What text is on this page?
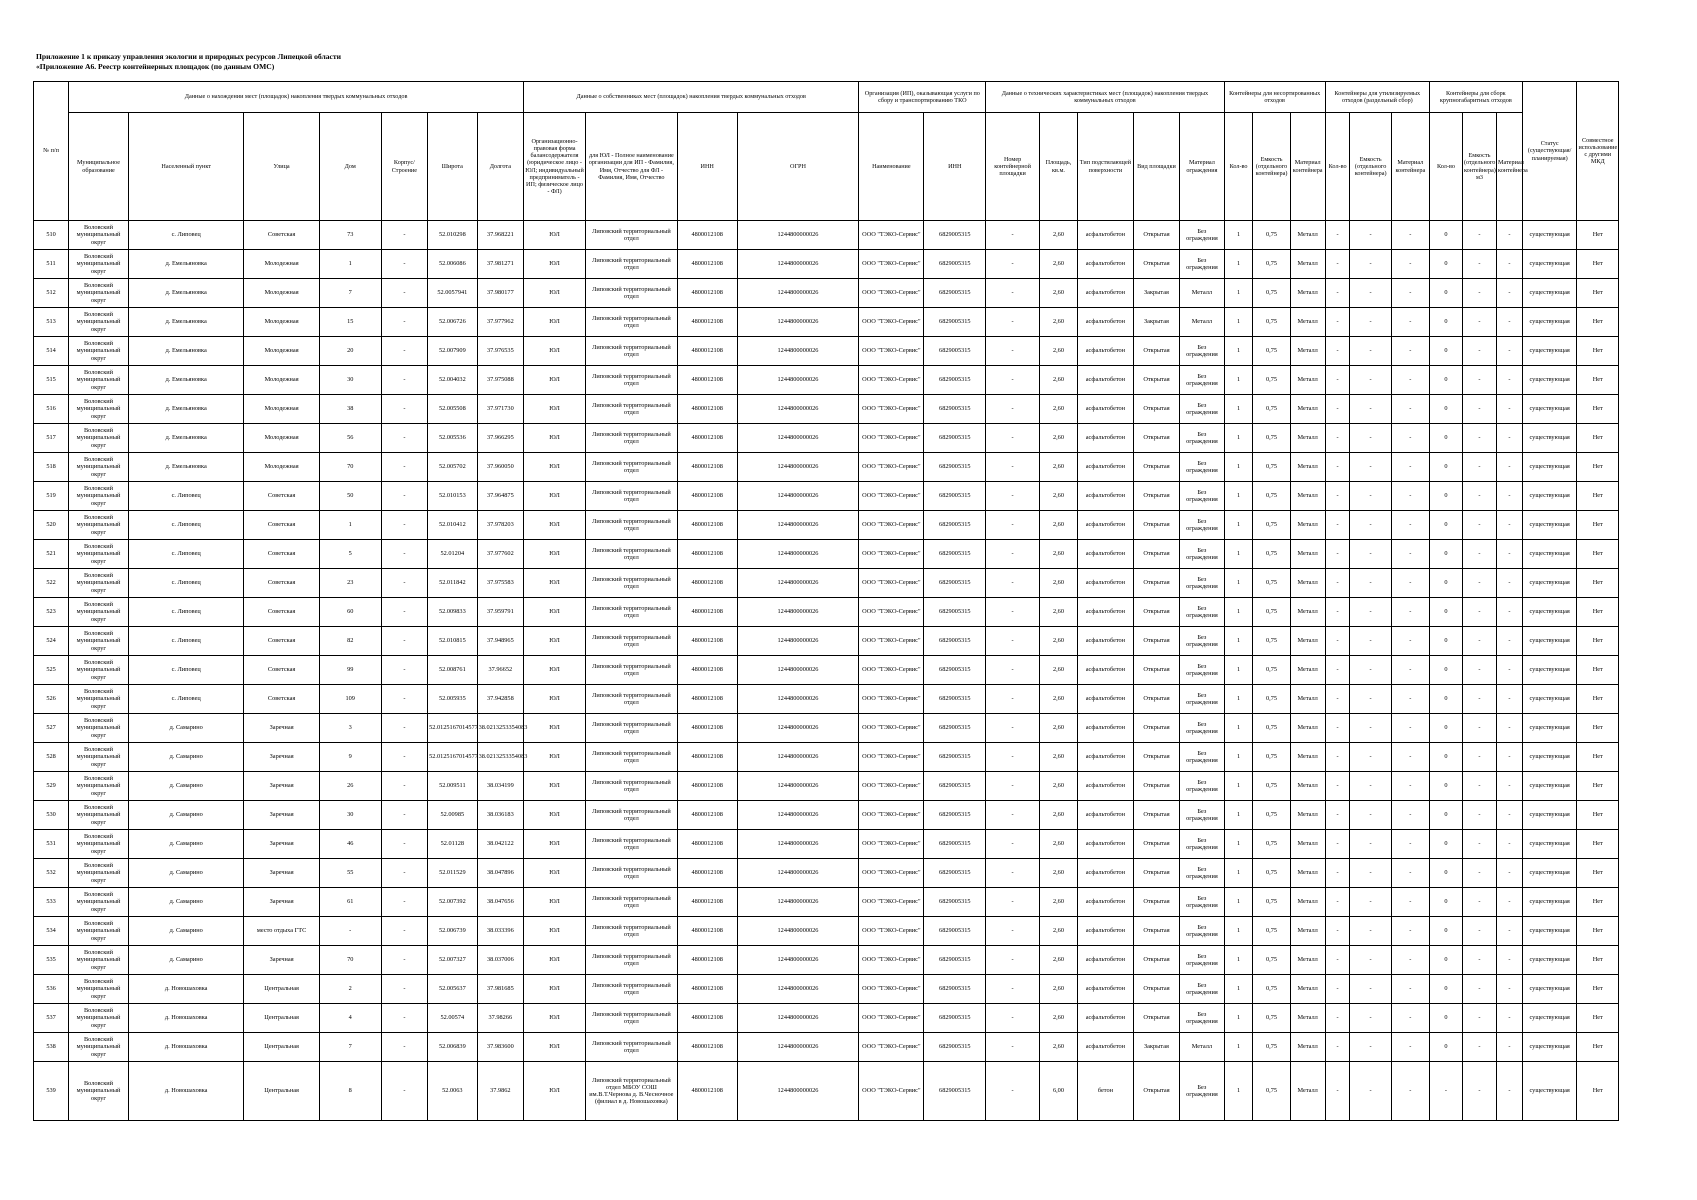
Приложение 1 к приказу управления экологии и природных ресурсов Липецкой области
«Приложение А6. Реестр контейнерных площадок (по данным ОМС)
№ п/п	Данные о нахождении мест (площадок) накопления твердых коммунальных отходов							Данные о собственниках мест (площадок) накопления твердых коммунальных отходов				Организация (ИП), оказывающая услуги по сбору и транспортированию ТКО		Данные о технических характеристиках мест (площадок) накопления твердых коммунальных отходов					Контейнеры для несортированных отходов			Контейнеры для утилизируемых отходов (раздельный сбор)			Контейнеры для сборк крупногабаритных отходов			Статус (существующая/планируемая)	Совместное использование с другими МКД
	Муниципальное образование	Населенный пункт	Улица	Дом	Корпус/Строение	Широта	Долгота	Организационно-правовая форма балансодержателя (юридическое лицо - ЮЛ; индивидуальный предприниматель - ИП; физическое лицо - ФЛ)	для ЮЛ - Полное наименование организации для ИП - Фамилия, Имя, Отчество для ФЛ - Фамилия, Имя, Отчество	ИНН	ОГРН	Наименование	ИНН	Номер контейнерной площадки	Площадь, кв.м.	Тип подстилающей поверхности	Вид площадки	Материал ограждения	Кол-во	Емкость (отдельного контейнера)	Материал контейнера	Кол-во	Емкость (отдельного контейнера)	Материал контейнера	Кол-во	Емкость (отдельного контейнера) м3	Материал контейнера		
510	Воловский муниципальный округ	с. Липовец	Советская	73	-	52.010298	37.968221	ЮЛ	Липовский территориальный отдел	4800012108	1244800000026	ООО "ТЭКО-Сервис"	6829005315	-	2,60	асфальтобетон	Открытая	Без ограждения	1	0,75	Металл	-	-	-	0	-	-	существующая	Нет
511	Воловский муниципальный округ	д. Емельяновка	Молодежная	1	-	52.006086	37.981271	ЮЛ	Липовский территориальный отдел	4800012108	1244800000026	ООО "ТЭКО-Сервис"	6829005315	-	2,60	асфальтобетон	Открытая	Без ограждения	1	0,75	Металл	-	-	-	0	-	-	существующая	Нет
512	Воловский муниципальный округ	д. Емельяновка	Молодежная	7	-	52.0057941	37.980177	ЮЛ	Липовский территориальный отдел	4800012108	1244800000026	ООО "ТЭКО-Сервис"	6829005315	-	2,60	асфальтобетон	Закрытая	Металл	1	0,75	Металл	-	-	-	0	-	-	существующая	Нет
513	Воловский муниципальный округ	д. Емельяновка	Молодежная	15	-	52.006726	37.977962	ЮЛ	Липовский территориальный отдел	4800012108	1244800000026	ООО "ТЭКО-Сервис"	6829005315	-	2,60	асфальтобетон	Закрытая	Металл	1	0,75	Металл	-	-	-	0	-	-	существующая	Нет
514	Воловский муниципальный округ	д. Емельяновка	Молодежная	20	-	52.007909	37.976535	ЮЛ	Липовский территориальный отдел	4800012108	1244800000026	ООО "ТЭКО-Сервис"	6829005315	-	2,60	асфальтобетон	Открытая	Без ограждения	1	0,75	Металл	-	-	-	0	-	-	существующая	Нет
515	Воловский муниципальный округ	д. Емельяновка	Молодежная	30	-	52.004032	37.975088	ЮЛ	Липовский территориальный отдел	4800012108	1244800000026	ООО "ТЭКО-Сервис"	6829005315	-	2,60	асфальтобетон	Открытая	Без ограждения	1	0,75	Металл	-	-	-	0	-	-	существующая	Нет
516	Воловский муниципальный округ	д. Емельяновка	Молодежная	38	-	52.005508	37.971730	ЮЛ	Липовский территориальный отдел	4800012108	1244800000026	ООО "ТЭКО-Сервис"	6829005315	-	2,60	асфальтобетон	Открытая	Без ограждения	1	0,75	Металл	-	-	-	0	-	-	существующая	Нет
517	Воловский муниципальный округ	д. Емельяновка	Молодежная	56	-	52.005536	37.966295	ЮЛ	Липовский территориальный отдел	4800012108	1244800000026	ООО "ТЭКО-Сервис"	6829005315	-	2,60	асфальтобетон	Открытая	Без ограждения	1	0,75	Металл	-	-	-	0	-	-	существующая	Нет
518	Воловский муниципальный округ	д. Емельяновка	Молодежная	70	-	52.005702	37.960050	ЮЛ	Липовский территориальный отдел	4800012108	1244800000026	ООО "ТЭКО-Сервис"	6829005315	-	2,60	асфальтобетон	Открытая	Без ограждения	1	0,75	Металл	-	-	-	0	-	-	существующая	Нет
519	Воловский муниципальный округ	с. Липовец	Советская	50	-	52.010153	37.964875	ЮЛ	Липовский территориальный отдел	4800012108	1244800000026	ООО "ТЭКО-Сервис"	6829005315	-	2,60	асфальтобетон	Открытая	Без ограждения	1	0,75	Металл	-	-	-	0	-	-	существующая	Нет
520	Воловский муниципальный округ	с. Липовец	Советская	1	-	52.010412	37.978203	ЮЛ	Липовский территориальный отдел	4800012108	1244800000026	ООО "ТЭКО-Сервис"	6829005315	-	2,60	асфальтобетон	Открытая	Без ограждения	1	0,75	Металл	-	-	-	0	-	-	существующая	Нет
521	Воловский муниципальный округ	с. Липовец	Советская	5	-	52.01204	37.977602	ЮЛ	Липовский территориальный отдел	4800012108	1244800000026	ООО "ТЭКО-Сервис"	6829005315	-	2,60	асфальтобетон	Открытая	Без ограждения	1	0,75	Металл	-	-	-	0	-	-	существующая	Нет
522	Воловский муниципальный округ	с. Липовец	Советская	23	-	52.011842	37.975583	ЮЛ	Липовский территориальный отдел	4800012108	1244800000026	ООО "ТЭКО-Сервис"	6829005315	-	2,60	асфальтобетон	Открытая	Без ограждения	1	0,75	Металл	-	-	-	0	-	-	существующая	Нет
523	Воловский муниципальный округ	с. Липовец	Советская	60	-	52.009833	37.959791	ЮЛ	Липовский территориальный отдел	4800012108	1244800000026	ООО "ТЭКО-Сервис"	6829005315	-	2,60	асфальтобетон	Открытая	Без ограждения	1	0,75	Металл	-	-	-	0	-	-	существующая	Нет
524	Воловский муниципальный округ	с. Липовец	Советская	82	-	52.010815	37.948965	ЮЛ	Липовский территориальный отдел	4800012108	1244800000026	ООО "ТЭКО-Сервис"	6829005315	-	2,60	асфальтобетон	Открытая	Без ограждения	1	0,75	Металл	-	-	-	0	-	-	существующая	Нет
525	Воловский муниципальный округ	с. Липовец	Советская	99	-	52.008761	37.96652	ЮЛ	Липовский территориальный отдел	4800012108	1244800000026	ООО "ТЭКО-Сервис"	6829005315	-	2,60	асфальтобетон	Открытая	Без ограждения	1	0,75	Металл	-	-	-	0	-	-	существующая	Нет
526	Воловский муниципальный округ	с. Липовец	Советская	109	-	52.005935	37.942858	ЮЛ	Липовский территориальный отдел	4800012108	1244800000026	ООО "ТЭКО-Сервис"	6829005315	-	2,60	асфальтобетон	Открытая	Без ограждения	1	0,75	Металл	-	-	-	0	-	-	существующая	Нет
527	Воловский муниципальный округ	д. Самарино	Заречная	3	-	52.0125167014577	38.0213253354083	ЮЛ	Липовский территориальный отдел	4800012108	1244800000026	ООО "ТЭКО-Сервис"	6829005315	-	2,60	асфальтобетон	Открытая	Без ограждения	1	0,75	Металл	-	-	-	0	-	-	существующая	Нет
528	Воловский муниципальный округ	д. Самарино	Заречная	9	-	52.0125167014577	38.0213253354083	ЮЛ	Липовский территориальный отдел	4800012108	1244800000026	ООО "ТЭКО-Сервис"	6829005315	-	2,60	асфальтобетон	Открытая	Без ограждения	1	0,75	Металл	-	-	-	0	-	-	существующая	Нет
529	Воловский муниципальный округ	д. Самарино	Заречная	26	-	52.009511	38.034199	ЮЛ	Липовский территориальный отдел	4800012108	1244800000026	ООО "ТЭКО-Сервис"	6829005315	-	2,60	асфальтобетон	Открытая	Без ограждения	1	0,75	Металл	-	-	-	0	-	-	существующая	Нет
530	Воловский муниципальный округ	д. Самарино	Заречная	30	-	52.00985	38.036183	ЮЛ	Липовский территориальный отдел	4800012108	1244800000026	ООО "ТЭКО-Сервис"	6829005315	-	2,60	асфальтобетон	Открытая	Без ограждения	1	0,75	Металл	-	-	-	0	-	-	существующая	Нет
531	Воловский муниципальный округ	д. Самарино	Заречная	46	-	52.01128	38.042122	ЮЛ	Липовский территориальный отдел	4800012108	1244800000026	ООО "ТЭКО-Сервис"	6829005315	-	2,60	асфальтобетон	Открытая	Без ограждения	1	0,75	Металл	-	-	-	0	-	-	существующая	Нет
532	Воловский муниципальный округ	д. Самарино	Заречная	55	-	52.011529	38.047896	ЮЛ	Липовский территориальный отдел	4800012108	1244800000026	ООО "ТЭКО-Сервис"	6829005315	-	2,60	асфальтобетон	Открытая	Без ограждения	1	0,75	Металл	-	-	-	0	-	-	существующая	Нет
533	Воловский муниципальный округ	д. Самарино	Заречная	61	-	52.007392	38.047656	ЮЛ	Липовский территориальный отдел	4800012108	1244800000026	ООО "ТЭКО-Сервис"	6829005315	-	2,60	асфальтобетон	Открытая	Без ограждения	1	0,75	Металл	-	-	-	0	-	-	существующая	Нет
534	Воловский муниципальный округ	д. Самарино	место отдыха ГТС	-	-	52.006739	38.033396	ЮЛ	Липовский территориальный отдел	4800012108	1244800000026	ООО "ТЭКО-Сервис"	6829005315	-	2,60	асфальтобетон	Открытая	Без ограждения	1	0,75	Металл	-	-	-	0	-	-	существующая	Нет
535	Воловский муниципальный округ	д. Самарино	Заречная	70	-	52.007327	38.037006	ЮЛ	Липовский территориальный отдел	4800012108	1244800000026	ООО "ТЭКО-Сервис"	6829005315	-	2,60	асфальтобетон	Открытая	Без ограждения	1	0,75	Металл	-	-	-	0	-	-	существующая	Нет
536	Воловский муниципальный округ	д. Новошаховка	Центральная	2	-	52.005637	37.981685	ЮЛ	Липовский территориальный отдел	4800012108	1244800000026	ООО "ТЭКО-Сервис"	6829005315	-	2,60	асфальтобетон	Открытая	Без ограждения	1	0,75	Металл	-	-	-	0	-	-	существующая	Нет
537	Воловский муниципальный округ	д. Новошаховка	Центральная	4	-	52.00574	37.98266	ЮЛ	Липовский территориальный отдел	4800012108	1244800000026	ООО "ТЭКО-Сервис"	6829005315	-	2,60	асфальтобетон	Открытая	Без ограждения	1	0,75	Металл	-	-	-	0	-	-	существующая	Нет
538	Воловский муниципальный округ	д. Новошаховка	Центральная	7	-	52.006839	37.983600	ЮЛ	Липовский территориальный отдел	4800012108	1244800000026	ООО "ТЭКО-Сервис"	6829005315	-	2,60	асфальтобетон	Закрытая	Металл	1	0,75	Металл	-	-	-	0	-	-	существующая	Нет
539	Воловский муниципальный округ	д. Новошаховка	Центральная	8	-	52.0063	37.9862	ЮЛ	Липовский территориальный отдел МБОУ СОШ им.В.Т.Чернова д. В.Чесночное (филиал в д. Новошаховка)	4800012108	1244800000026	ООО "ТЭКО-Сервис"	6829005315	-	6,00	бетон	Открытая	Без ограждения	1	0,75	Металл	-	-	-	-	-	-	существующая	Нет
